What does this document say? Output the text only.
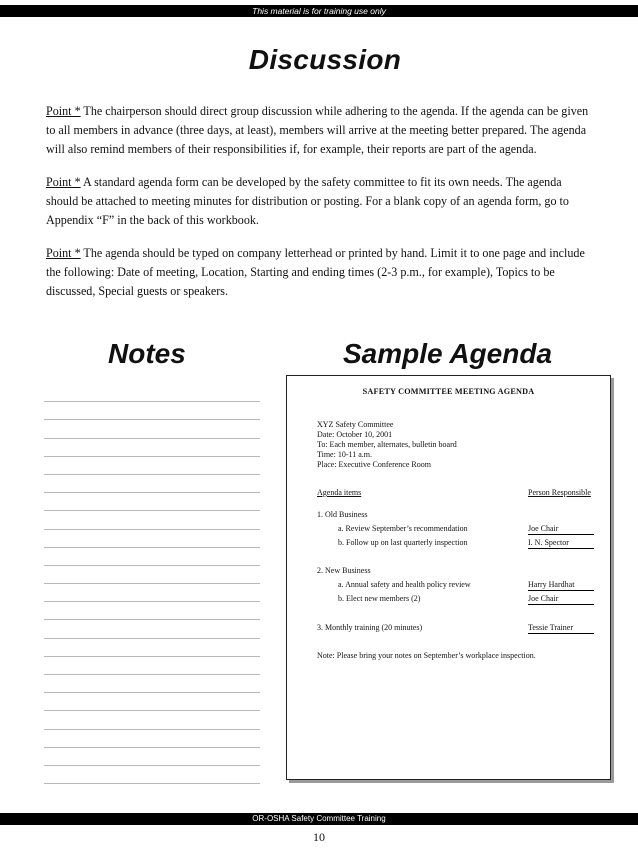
This material is for training use only
Discussion

Point * The chairperson should direct group discussion while adhering to the agenda. If the agenda can be given to all members in advance (three days, at least), members will arrive at the meeting better prepared. The agenda will also remind members of their responsibilities if, for example, their reports are part of the agenda.

Point * A standard agenda form can be developed by the safety committee to fit its own needs. The agenda should be attached to meeting minutes for distribution or posting. For a blank copy of an agenda form, go to Appendix “F” in the back of this workbook.

Point * The agenda should be typed on company letterhead or printed by hand. Limit it to one page and include the following: Date of meeting, Location, Starting and ending times (2-3 p.m., for example), Topics to be discussed, Special guests or speakers.

Notes	Sample Agenda
SAFETY COMMITTEE MEETING AGENDA
XYZ Safety Committee
Date: October 10, 2001
To: Each member, alternates, bulletin board
Time: 10-11 a.m.
Place: Executive Conference Room
Agenda items	Person Responsible
1. Old Business
a. Review September’s recommendation	Joe Chair
b. Follow up on last quarterly inspection	I. N. Spector
2. New Business
a. Annual safety and health policy review	Harry Hardhat
b. Elect new members (2)	Joe Chair
3. Monthly training (20 minutes)	Tessie Trainer
Note: Please bring your notes on September’s workplace inspection.
OR-OSHA Safety Committee Training
10
